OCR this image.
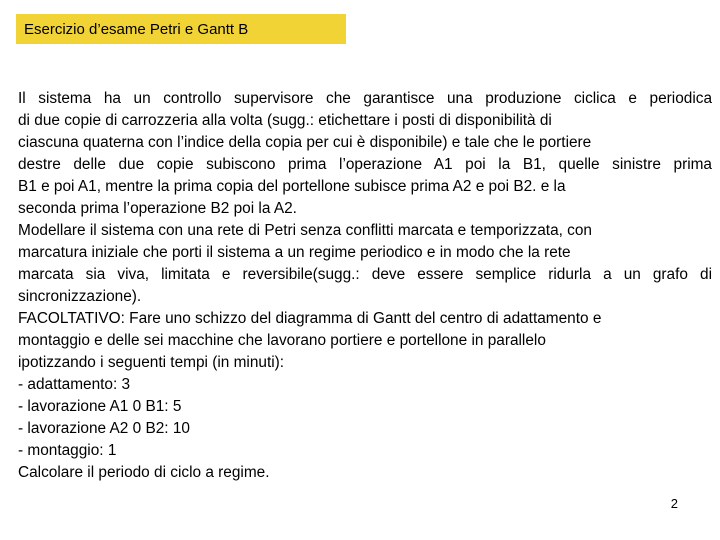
Esercizio d’esame Petri e Gantt B
Il sistema ha un controllo supervisore che garantisce una produzione ciclica e periodica
di due copie di carrozzeria alla volta (sugg.: etichettare i posti di disponibilità di
ciascuna quaterna con l’indice della copia per cui è disponibile) e tale che le portiere
destre delle due copie subiscono prima l’operazione A1 poi la B1, quelle sinistre prima
B1 e poi A1, mentre la prima copia del portellone subisce prima A2 e poi B2. e la
seconda prima l’operazione B2 poi la A2.
Modellare il sistema con una rete di Petri senza conflitti marcata e temporizzata, con
marcatura iniziale che porti il sistema a un regime periodico e in modo che la rete
marcata sia viva, limitata e reversibile(sugg.: deve essere semplice ridurla a un grafo di
sincronizzazione).
FACOLTATIVO: Fare uno schizzo del diagramma di Gantt del centro di adattamento e
montaggio e delle sei macchine che lavorano portiere e portellone in parallelo
ipotizzando i seguenti tempi (in minuti):
- adattamento: 3
- lavorazione A1 0 B1: 5
- lavorazione A2 0 B2: 10
- montaggio: 1
Calcolare il periodo di ciclo a regime.
2
